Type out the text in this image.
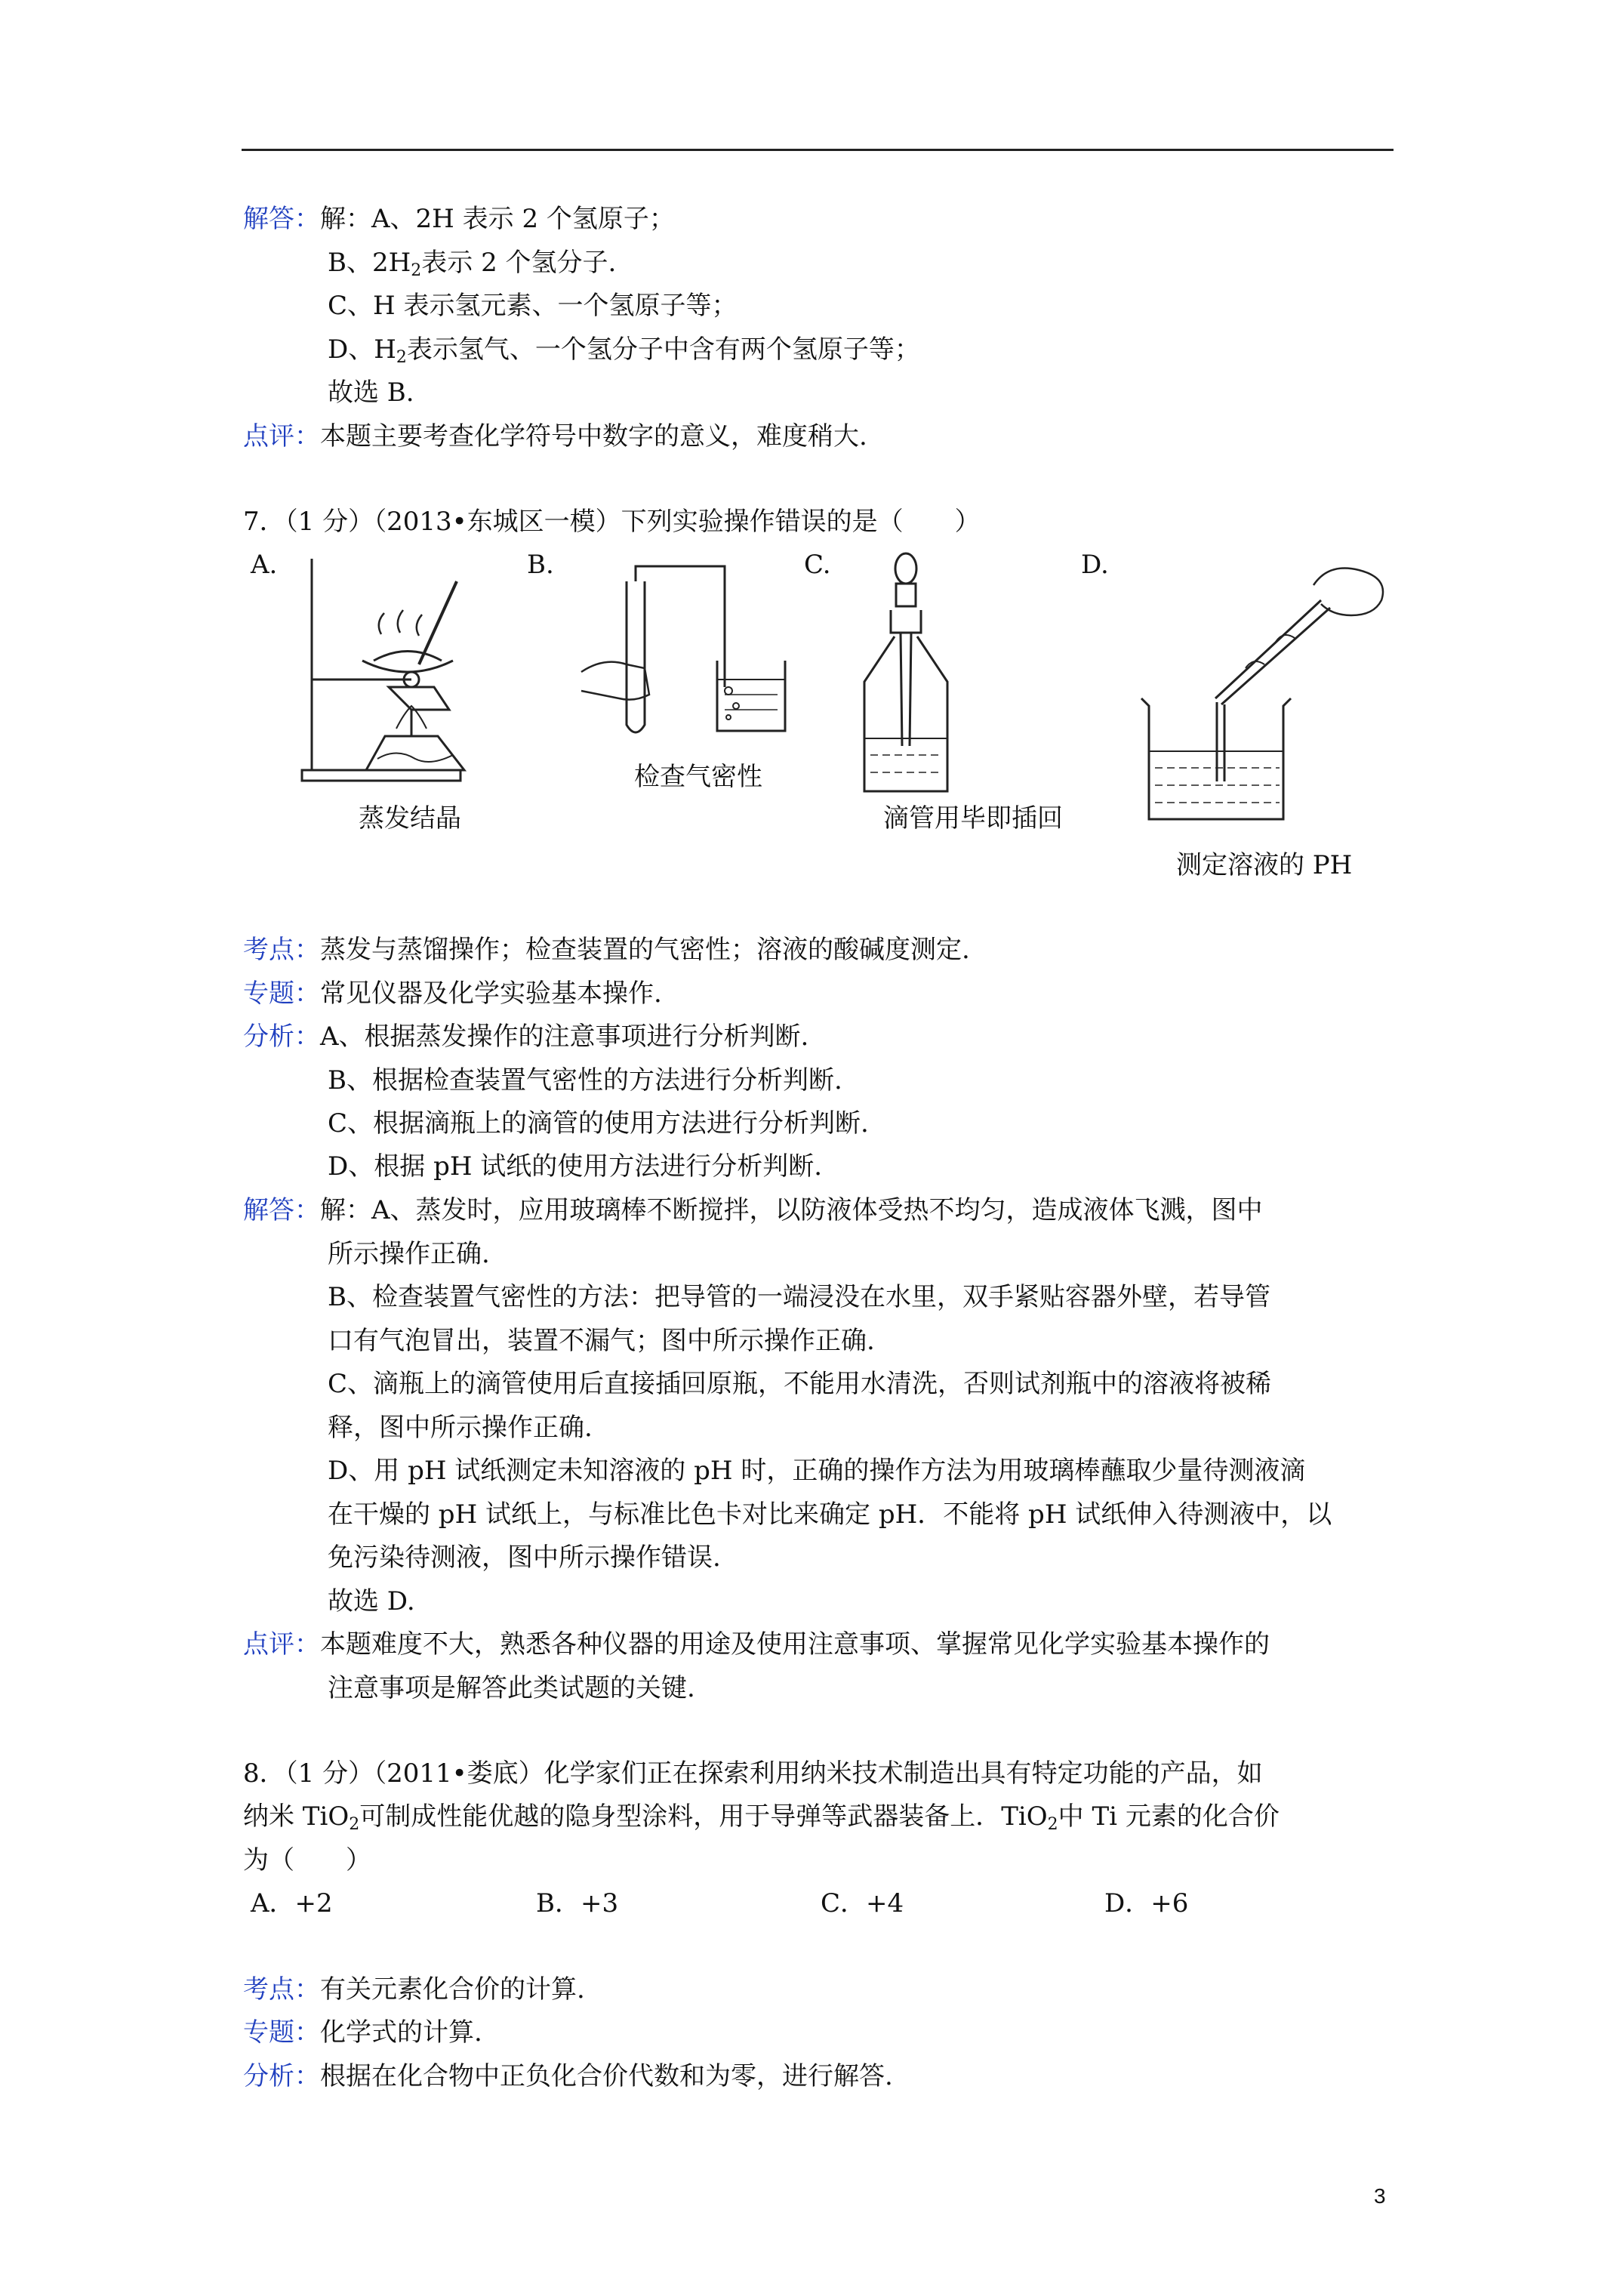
解答：解：A、2H 表示 2 个氢原子；
B、$2H_2$表示 2 个氢分子.
C、H 表示氢元素、一个氢原子等；
D、$H_2$表示氢气、一个氢分子中含有两个氢原子等；
故选 B.
点评：本题主要考查化学符号中数字的意义，难度稍大.
7．（1 分）（2013•东城区一模）下列实验操作错误的是（　　）
A.	B.	C.	D.
蒸发结晶
检查气密性
滴管用毕即插回
测定溶液的 PH
考点：蒸发与蒸馏操作；检查装置的气密性；溶液的酸碱度测定.
专题：常见仪器及化学实验基本操作.
分析：A、根据蒸发操作的注意事项进行分析判断.
B、根据检查装置气密性的方法进行分析判断.
C、根据滴瓶上的滴管的使用方法进行分析判断.
D、根据 pH 试纸的使用方法进行分析判断.
解答：解：A、蒸发时，应用玻璃棒不断搅拌，以防液体受热不均匀，造成液体飞溅，图中
所示操作正确.
B、检查装置气密性的方法：把导管的一端浸没在水里，双手紧贴容器外壁，若导管
口有气泡冒出，装置不漏气；图中所示操作正确.
C、滴瓶上的滴管使用后直接插回原瓶，不能用水清洗，否则试剂瓶中的溶液将被稀
释，图中所示操作正确.
D、用 pH 试纸测定未知溶液的 pH 时，正确的操作方法为用玻璃棒蘸取少量待测液滴
在干燥的 pH 试纸上，与标准比色卡对比来确定 pH．不能将 pH 试纸伸入待测液中，以
免污染待测液，图中所示操作错误.
故选 D.
点评：本题难度不大，熟悉各种仪器的用途及使用注意事项、掌握常见化学实验基本操作的
注意事项是解答此类试题的关键.
8．（1 分）（2011•娄底）化学家们正在探索利用纳米技术制造出具有特定功能的产品，如
纳米 TiO$_2$可制成性能优越的隐身型涂料，用于导弹等武器装备上．TiO$_2$中 Ti 元素的化合价
为（　　）
A．+2	B．+3	C．+4	D．+6
考点：有关元素化合价的计算.
专题：化学式的计算.
分析：根据在化合物中正负化合价代数和为零，进行解答.
3
